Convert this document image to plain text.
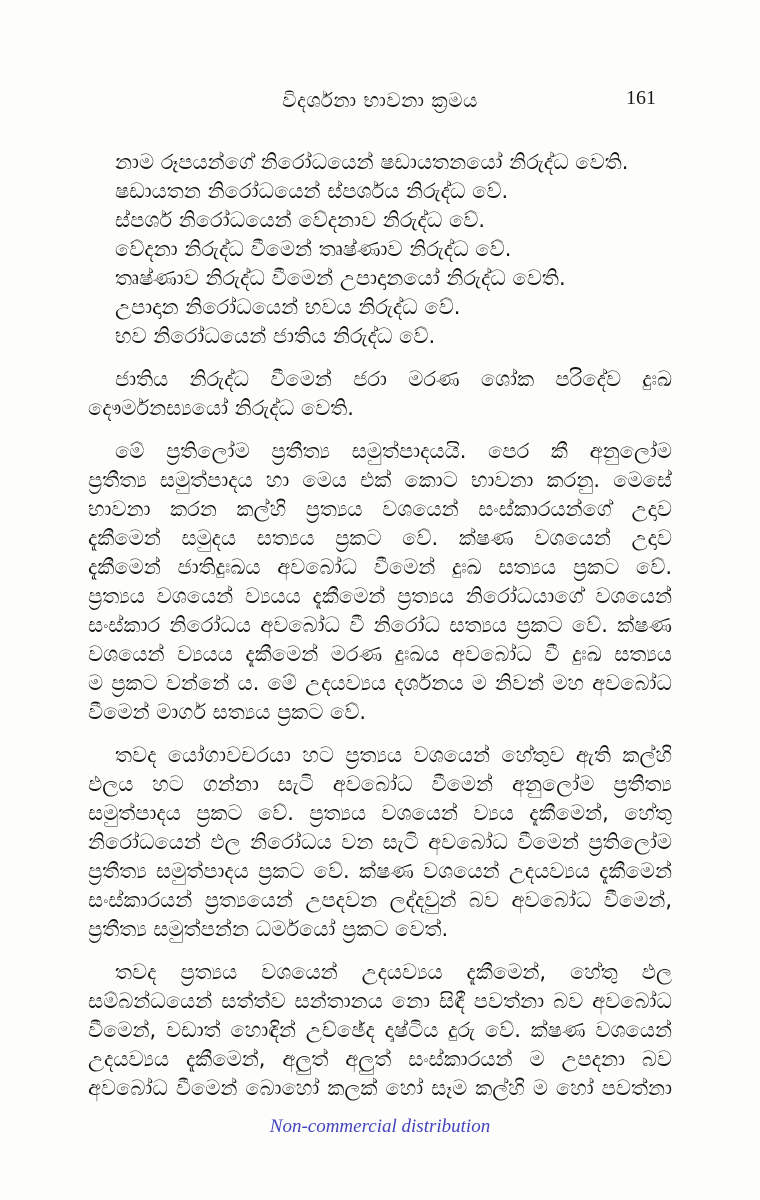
විදර්ශනා භාවනා ක්‍රමය	161
නාම රූපයන්ගේ නිරෝධයෙන් ෂඩායතනයෝ නිරුද්ධ වෙති.
ෂඩායතන නිරෝධයෙන් ස්පර්ශය නිරුද්ධ වේ.
ස්පර්ශ නිරෝධයෙන් වේදනාව නිරුද්ධ වේ.
වේදනා නිරුද්ධ වීමෙන් තෘෂ්ණාව නිරුද්ධ වේ.
තෘෂ්ණාව නිරුද්ධ වීමෙන් උපාදානයෝ නිරුද්ධ වෙති.
උපාදාන නිරෝධයෙන් භවය නිරුද්ධ වේ.
භව නිරෝධයෙන් ජාතිය නිරුද්ධ වේ.
ජාතිය නිරුද්ධ වීමෙන් ජරා මරණ ශෝක පරිදේව දුඃඛ
දෞර්මනස්‍යයෝ නිරුද්ධ වෙති.
මේ ප්‍රතිලෝම ප්‍රතීත්‍ය සමුත්පාදයයි. පෙර කී අනුලෝම
ප්‍රතීත්‍ය සමුත්පාදය හා මෙය එක් කොට භාවනා කරනු. මෙසේ
භාවනා කරන කල්හි ප්‍රත්‍යය වශයෙන් සංස්කාරයන්ගේ උදාව
දැකීමෙන් සමුදය සත්‍යය ප්‍රකට වේ. ක්ෂණ වශයෙන් උදාව
දැකීමෙන් ජාතිදුඃඛය අවබෝධ වීමෙන් දුඃඛ සත්‍යය ප්‍රකට වේ.
ප්‍රත්‍යය වශයෙන් ව්‍යයය දැකීමෙන් ප්‍රත්‍යය නිරෝධයාගේ වශයෙන්
සංස්කාර නිරෝධය අවබෝධ වී නිරෝධ සත්‍යය ප්‍රකට වේ. ක්ෂණ
වශයෙන් ව්‍යයය දැකීමෙන් මරණ දුඃඛය අවබෝධ වී දුඃඛ සත්‍යය
ම ප්‍රකට වන්නේ ය. මේ උදයව්‍යය දර්ශනය ම නිවන් මහ අවබෝධ
වීමෙන් මාර්ග සත්‍යය ප්‍රකට වේ.
තවද යෝගාවචරයා හට ප්‍රත්‍යය වශයෙන් හේතුව ඇති කල්හි
ඵලය හට ගන්නා සැටි අවබෝධ වීමෙන් අනුලෝම ප්‍රතීත්‍ය
සමුත්පාදය ප්‍රකට වේ. ප්‍රත්‍යය වශයෙන් ව්‍යය දැකීමෙන්, හේතු
නිරෝධයෙන් ඵල නිරෝධය වන සැටි අවබෝධ වීමෙන් ප්‍රතිලෝම
ප්‍රතීත්‍ය සමුත්පාදය ප්‍රකට වේ. ක්ෂණ වශයෙන් උදයව්‍යය දැකීමෙන්
සංස්කාරයන් ප්‍රත්‍යයෙන් උපදවන ලද්දවුන් බව අවබෝධ වීමෙන්,
ප්‍රතීත්‍ය සමුත්පන්න ධර්මයෝ ප්‍රකට වෙත්.
තවද ප්‍රත්‍යය වශයෙන් උදයව්‍යය දැකීමෙන්, හේතු ඵල
සම්බන්ධයෙන් සත්ත්ව සන්තානය නො සිඳී පවත්නා බව අවබෝධ
වීමෙන්, වඩාත් හොඳින් උච්ඡේද දෘෂ්ටිය දුරු වේ. ක්ෂණ වශයෙන්
උදයව්‍යය දැකීමෙන්, අලුත් අලුත් සංස්කාරයන් ම උපදනා බව
අවබෝධ වීමෙන් බොහෝ කලක් හෝ සෑම කල්හි ම හෝ පවත්නා
Non-commercial distribution
